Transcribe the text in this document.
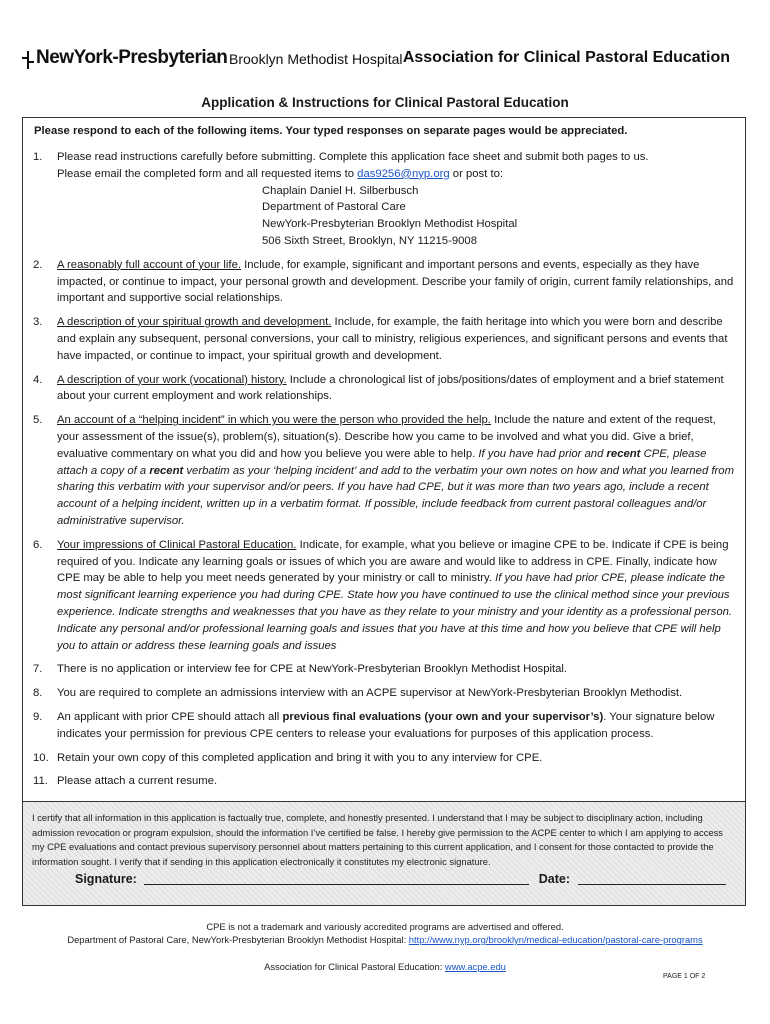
NewYork-Presbyterian Brooklyn Methodist Hospital Association for Clinical Pastoral Education
Application & Instructions for Clinical Pastoral Education
Please respond to each of the following items. Your typed responses on separate pages would be appreciated.
1. Please read instructions carefully before submitting. Complete this application face sheet and submit both pages to us.
Please email the completed form and all requested items to das9256@nyp.org or post to:
Chaplain Daniel H. Silberbusch
Department of Pastoral Care
NewYork-Presbyterian Brooklyn Methodist Hospital
506 Sixth Street, Brooklyn, NY 11215-9008
2. A reasonably full account of your life. Include, for example, significant and important persons and events, especially as they have impacted, or continue to impact, your personal growth and development. Describe your family of origin, current family relationships, and important and supportive social relationships.
3. A description of your spiritual growth and development. Include, for example, the faith heritage into which you were born and describe and explain any subsequent, personal conversions, your call to ministry, religious experiences, and significant persons and events that have impacted, or continue to impact, your spiritual growth and development.
4. A description of your work (vocational) history. Include a chronological list of jobs/positions/dates of employment and a brief statement about your current employment and work relationships.
5. An account of a “helping incident” in which you were the person who provided the help. Include the nature and extent of the request, your assessment of the issue(s), problem(s), situation(s). Describe how you came to be involved and what you did. Give a brief, evaluative commentary on what you did and how you believe you were able to help. If you have had prior and recent CPE, please attach a copy of a recent verbatim as your ‘helping incident’ and add to the verbatim your own notes on how and what you learned from sharing this verbatim with your supervisor and/or peers. If you have had CPE, but it was more than two years ago, include a recent account of a helping incident, written up in a verbatim format. If possible, include feedback from current pastoral colleagues and/or administrative supervisor.
6. Your impressions of Clinical Pastoral Education. Indicate, for example, what you believe or imagine CPE to be. Indicate if CPE is being required of you. Indicate any learning goals or issues of which you are aware and would like to address in CPE. Finally, indicate how CPE may be able to help you meet needs generated by your ministry or call to ministry. If you have had prior CPE, please indicate the most significant learning experience you had during CPE. State how you have continued to use the clinical method since your previous experience. Indicate strengths and weaknesses that you have as they relate to your ministry and your identity as a professional person. Indicate any personal and/or professional learning goals and issues that you have at this time and how you believe that CPE will help you to attain or address these learning goals and issues
7. There is no application or interview fee for CPE at NewYork-Presbyterian Brooklyn Methodist Hospital.
8. You are required to complete an admissions interview with an ACPE supervisor at NewYork-Presbyterian Brooklyn Methodist.
9. An applicant with prior CPE should attach all previous final evaluations (your own and your supervisor’s). Your signature below indicates your permission for previous CPE centers to release your evaluations for purposes of this application process.
10. Retain your own copy of this completed application and bring it with you to any interview for CPE.
11. Please attach a current resume.
I certify that all information in this application is factually true, complete, and honestly presented. I understand that I may be subject to disciplinary action, including admission revocation or program expulsion, should the information I’ve certified be false. I hereby give permission to the ACPE center to which I am applying to access my CPE evaluations and contact previous supervisory personnel about matters pertaining to this current application, and I consent for those contacted to provide the information sought. I verify that if sending in this application electronically it constitutes my electronic signature.
Signature:	Date:
CPE is not a trademark and variously accredited programs are advertised and offered.
Department of Pastoral Care, NewYork-Presbyterian Brooklyn Methodist Hospital: http://www.nyp.org/brooklyn/medical-education/pastoral-care-programs
Association for Clinical Pastoral Education: www.acpe.edu
PAGE 1 OF 2
